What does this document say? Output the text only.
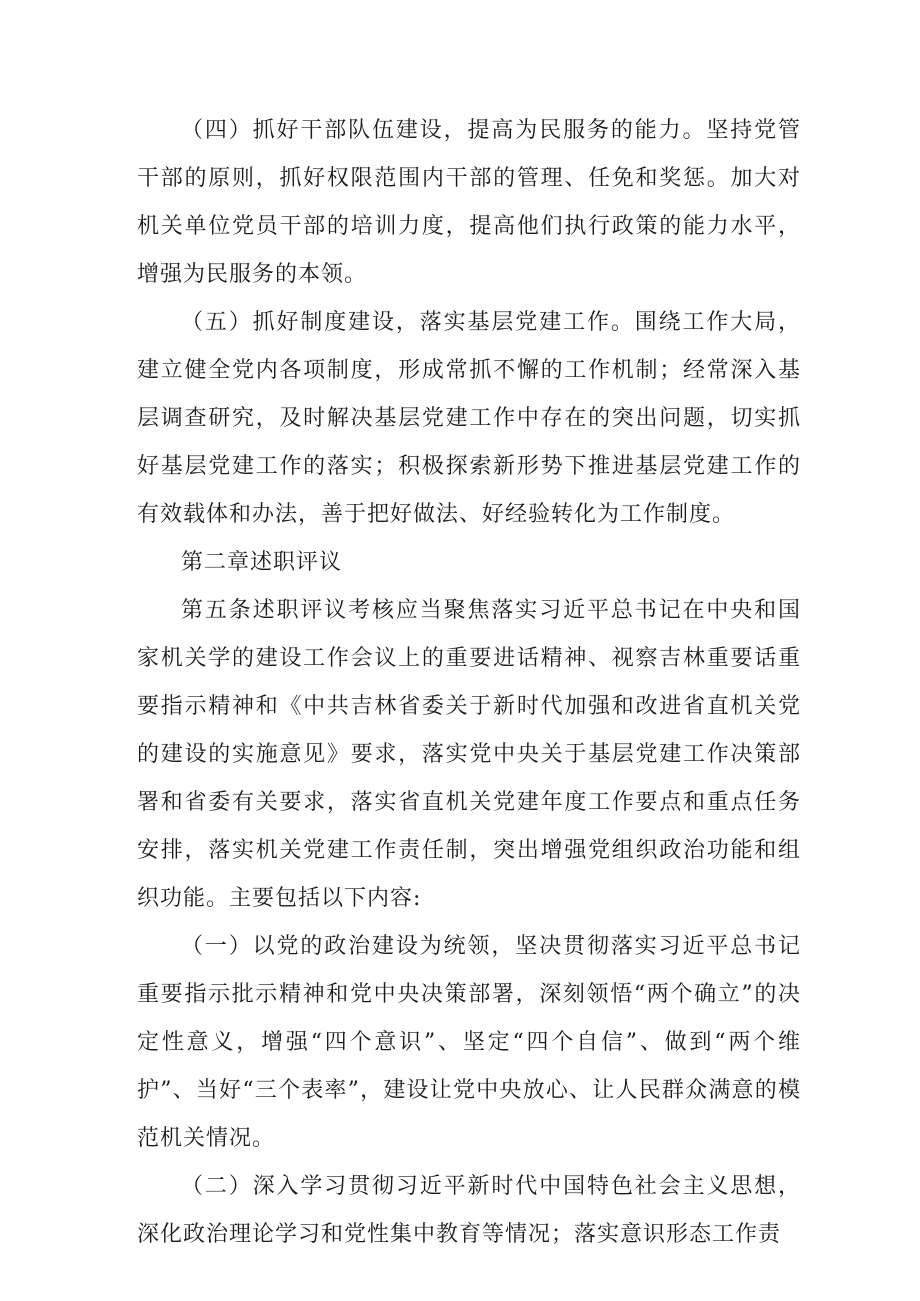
（四）抓好干部队伍建设，提高为民服务的能力。坚持党管干部的原则，抓好权限范围内干部的管理、任免和奖惩。加大对机关单位党员干部的培训力度，提高他们执行政策的能力水平，增强为民服务的本领。

（五）抓好制度建设，落实基层党建工作。围绕工作大局，建立健全党内各项制度，形成常抓不懈的工作机制；经常深入基层调查研究，及时解决基层党建工作中存在的突出问题，切实抓好基层党建工作的落实；积极探索新形势下推进基层党建工作的有效载体和办法，善于把好做法、好经验转化为工作制度。

第二章述职评议

第五条述职评议考核应当聚焦落实习近平总书记在中央和国家机关学的建设工作会议上的重要进话精神、视察吉林重要话重要指示精神和《中共吉林省委关于新时代加强和改进省直机关党的建设的实施意见》要求，落实党中央关于基层党建工作决策部署和省委有关要求，落实省直机关党建年度工作要点和重点任务安排，落实机关党建工作责任制，突出增强党组织政治功能和组织功能。主要包括以下内容:

（一）以党的政治建设为统领，坚决贯彻落实习近平总书记重要指示批示精神和党中央决策部署，深刻领悟“两个确立”的决定性意义，增强“四个意识”、坚定“四个自信”、做到“两个维护”、当好“三个表率”，建设让党中央放心、让人民群众满意的模范机关情况。

（二）深入学习贯彻习近平新时代中国特色社会主义思想，深化政治理论学习和党性集中教育等情况；落实意识形态工作责
